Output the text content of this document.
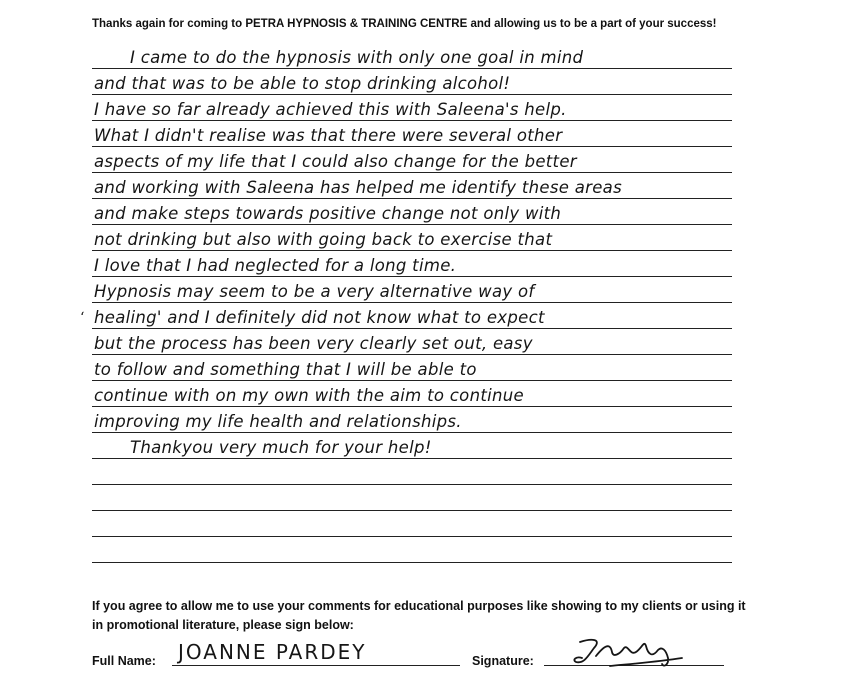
Thanks again for coming to PETRA HYPNOSIS & TRAINING CENTRE and allowing us to be a part of your success!

I came to do the hypnosis with only one goal in mind
and that was to be able to stop drinking alcohol!
I have so far already achieved this with Saleena's help.
What I didn't realise was that there were several other
aspects of my life that I could also change for the better
and working with Saleena has helped me identify these areas
and make steps towards positive change not only with
not drinking but also with going back to exercise that
I love that I had neglected for a long time.
Hypnosis may seem to be a very alternative way of
‘ healing' and I definitely did not know what to expect
but the process has been very clearly set out, easy
to follow and something that I will be able to
continue with on my own with the aim to continue
improving my life health and relationships.
Thankyou very much for your help!

If you agree to allow me to use your comments for educational purposes like showing to my clients or using it in promotional literature, please sign below:

Full Name: JOANNE PARDEY	Signature:
